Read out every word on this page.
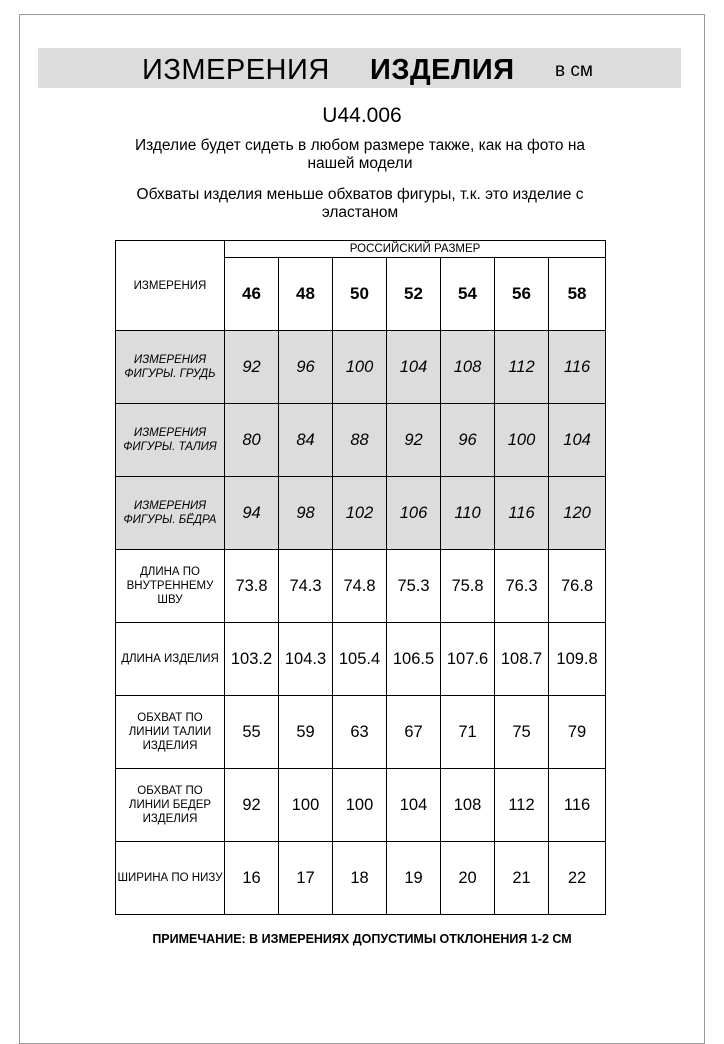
ИЗМЕРЕНИЯ ИЗДЕЛИЯ в см
U44.006
Изделие будет сидеть в любом размере также, как на фото на нашей модели
Обхваты изделия меньше обхватов фигуры, т.к. это изделие с эластаном
ИЗМЕРЕНИЯ	РОССИЙСКИЙ РАЗМЕР						
	46	48	50	52	54	56	58
ИЗМЕРЕНИЯ ФИГУРЫ. ГРУДЬ	92	96	100	104	108	112	116
ИЗМЕРЕНИЯ ФИГУРЫ. ТАЛИЯ	80	84	88	92	96	100	104
ИЗМЕРЕНИЯ ФИГУРЫ. БЁДРА	94	98	102	106	110	116	120
ДЛИНА ПО ВНУТРЕННЕМУ ШВУ	73.8	74.3	74.8	75.3	75.8	76.3	76.8
ДЛИНА ИЗДЕЛИЯ	103.2	104.3	105.4	106.5	107.6	108.7	109.8
ОБХВАТ ПО ЛИНИИ ТАЛИИ ИЗДЕЛИЯ	55	59	63	67	71	75	79
ОБХВАТ ПО ЛИНИИ БЕДЕР ИЗДЕЛИЯ	92	100	100	104	108	112	116
ШИРИНА ПО НИЗУ	16	17	18	19	20	21	22
ПРИМЕЧАНИЕ: В ИЗМЕРЕНИЯХ ДОПУСТИМЫ ОТКЛОНЕНИЯ 1-2 СМ
